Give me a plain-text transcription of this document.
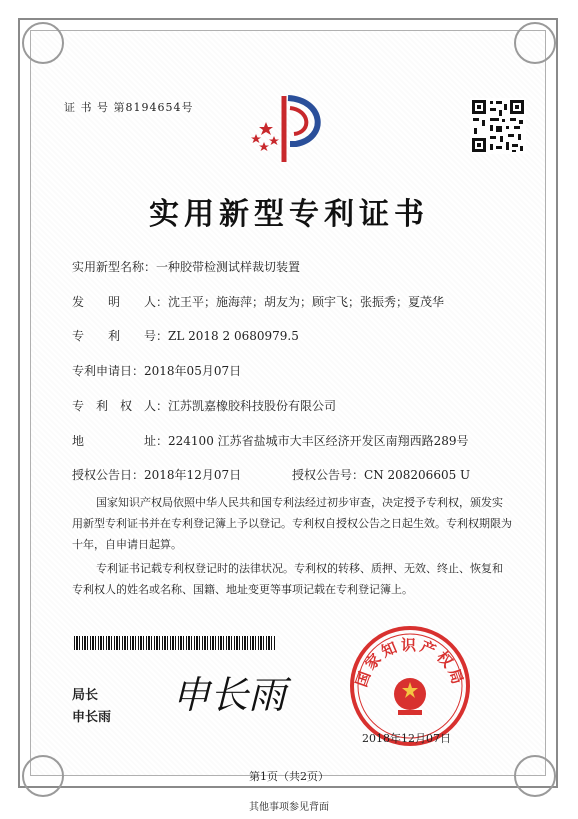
证 书 号 第8194654号
实用新型专利证书
实用新型名称：一种胶带检测试样裁切装置
发　　明　　人：沈王平；施海萍；胡友为；顾宇飞；张振秀；夏茂华
专　　利　　号：ZL 2018 2 0680979.5
专利申请日：2018年05月07日
专　利　权　人：江苏凯嘉橡胶科技股份有限公司
地　　　　　址：224100 江苏省盐城市大丰区经济开发区南翔西路289号
授权公告日：2018年12月07日	授权公告号：CN 208206605 U
国家知识产权局依照中华人民共和国专利法经过初步审查，决定授予专利权，颁发实用新型专利证书并在专利登记簿上予以登记。专利权自授权公告之日起生效。专利权期限为十年，自申请日起算。
专利证书记载专利权登记时的法律状况。专利权的转移、质押、无效、终止、恢复和专利权人的姓名或名称、国籍、地址变更等事项记载在专利登记簿上。
局长
申长雨
申长雨	国家知识产权局
2018年12月07日
第1页（共2页）
其他事项参见背面
